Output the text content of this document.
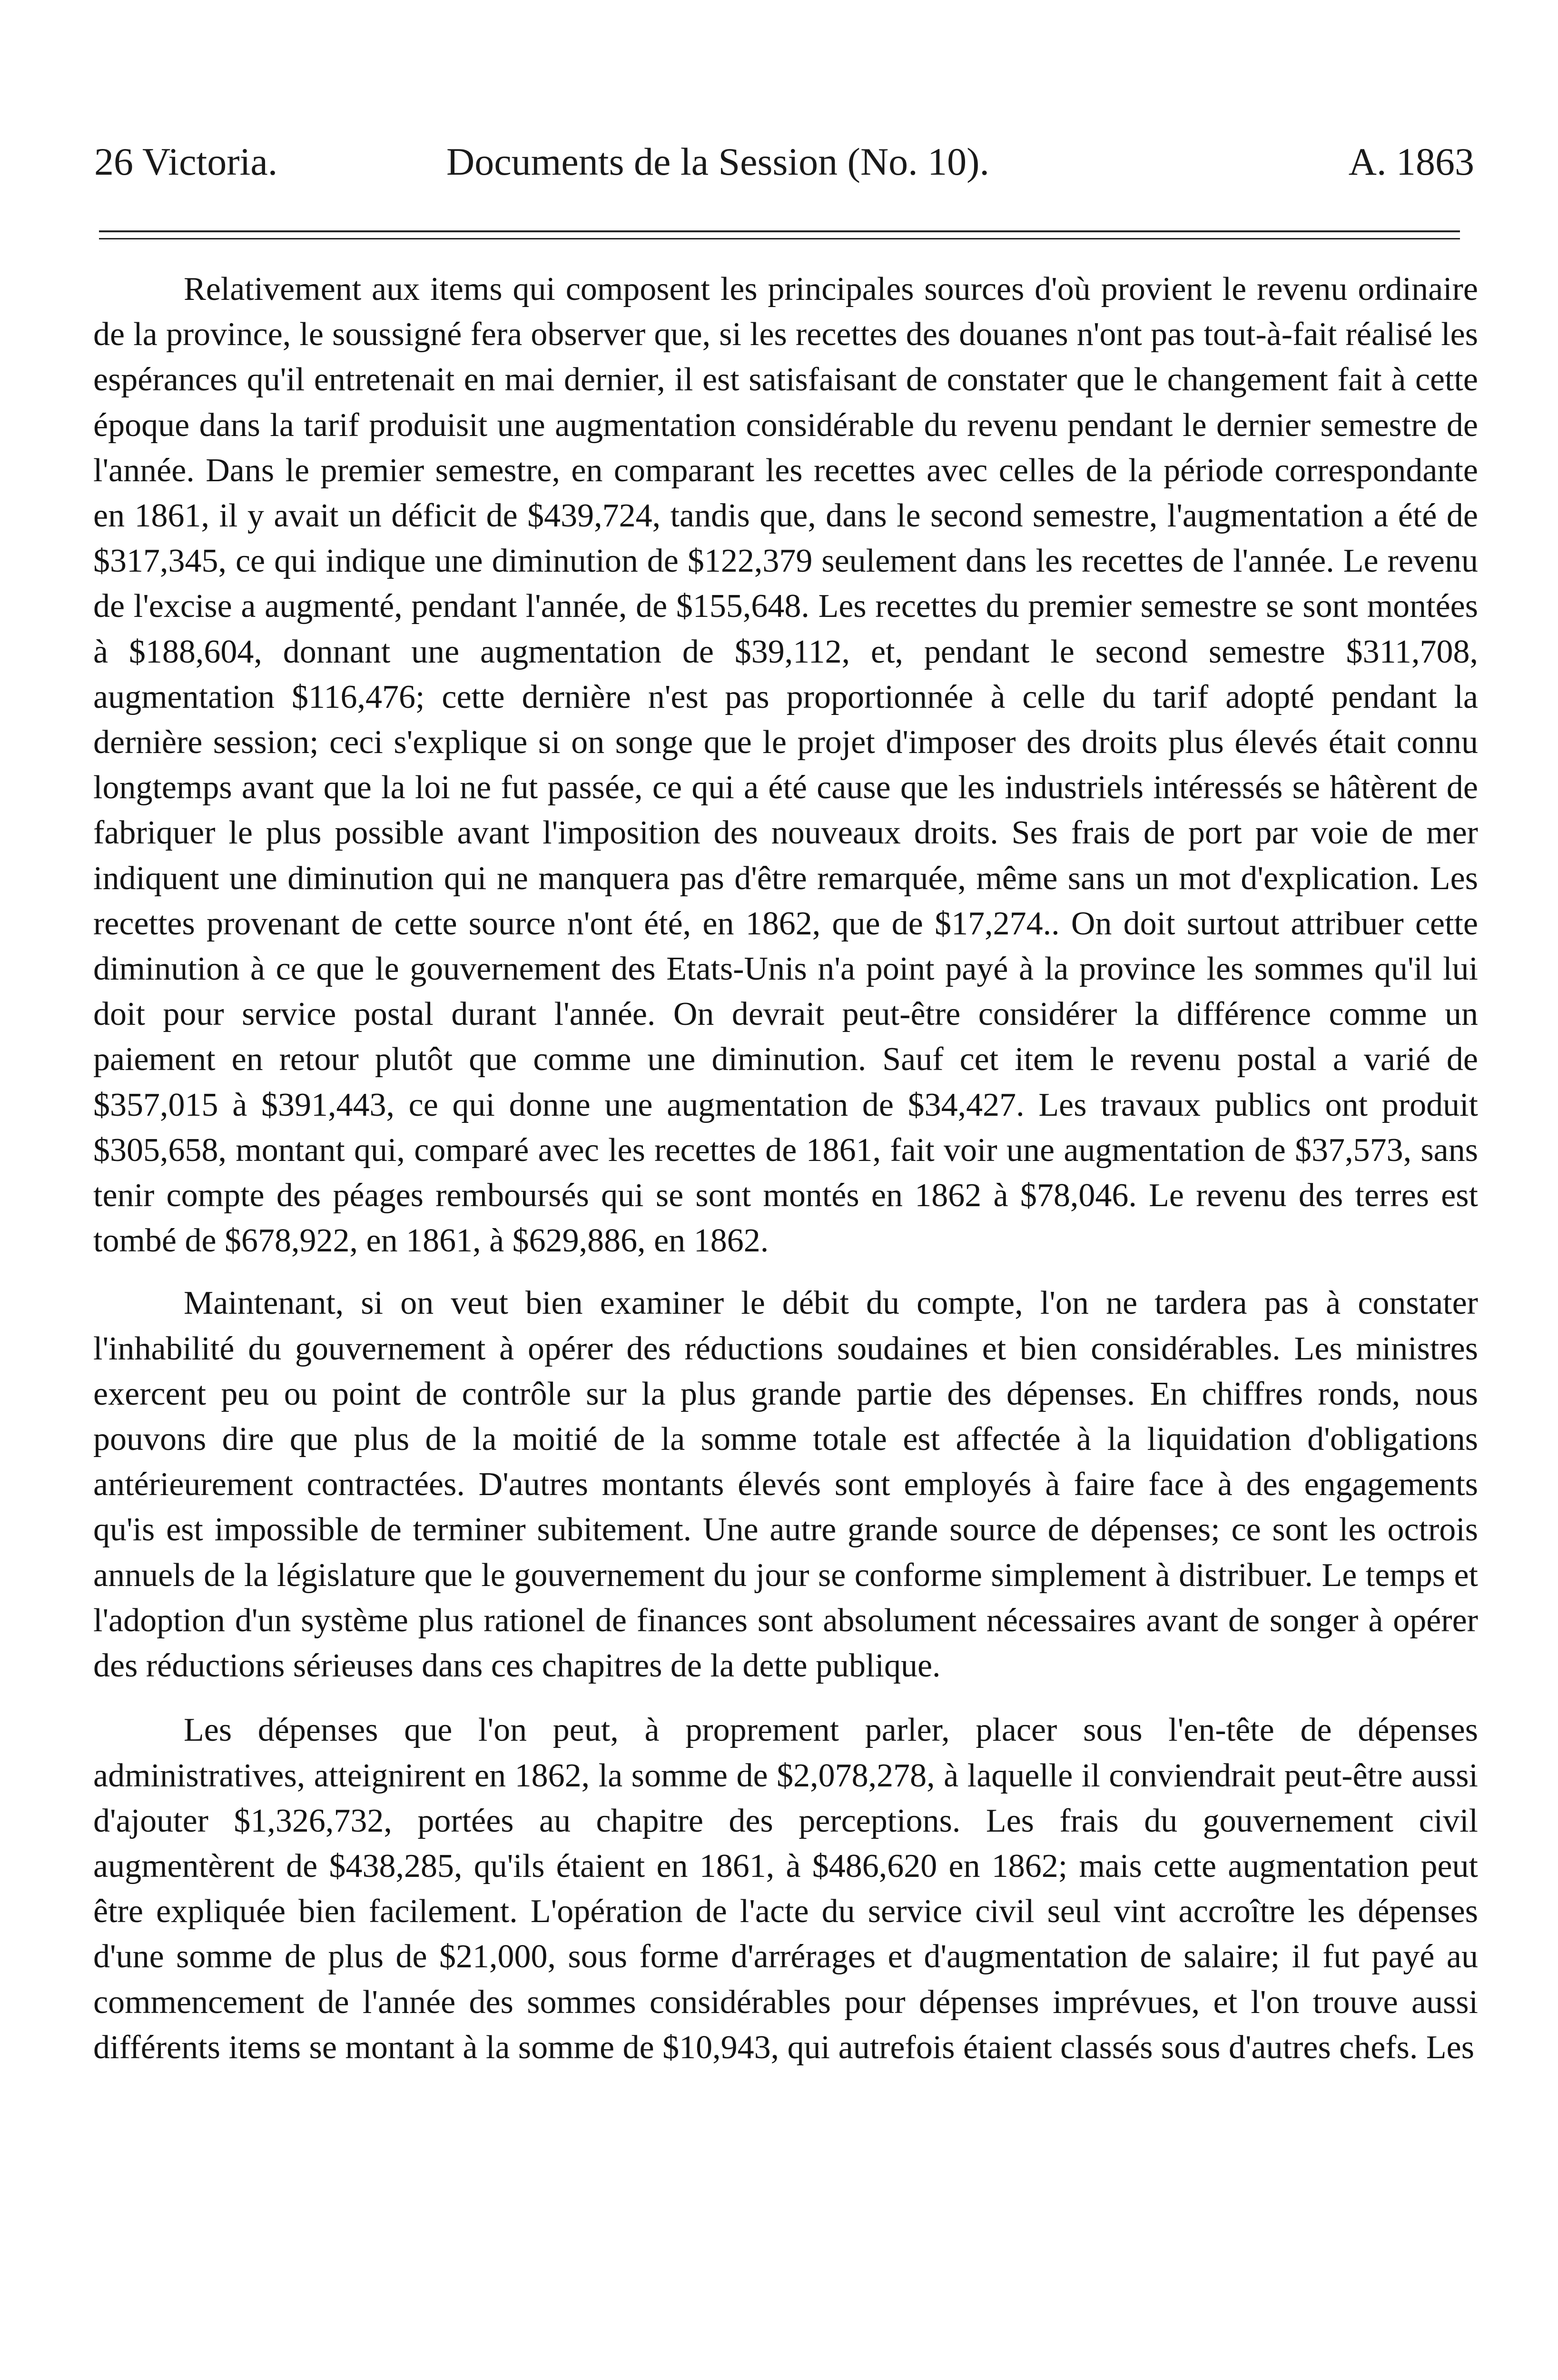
26 Victoria.	Documents de la Session (No. 10).	A. 1863

Relativement aux items qui composent les principales sources d'où provient le revenu ordinaire de la province, le soussigné fera observer que, si les recettes des douanes n'ont pas tout-à-fait réalisé les espérances qu'il entretenait en mai dernier, il est satisfaisant de constater que le changement fait à cette époque dans la tarif produisit une augmentation considérable du revenu pendant le dernier semestre de l'année. Dans le premier semestre, en comparant les recettes avec celles de la période correspondante en 1861, il y avait un déficit de $439,724, tandis que, dans le second semestre, l'augmentation a été de $317,345, ce qui indique une diminution de $122,379 seulement dans les recettes de l'année. Le revenu de l'excise a augmenté, pendant l'année, de $155,648. Les recettes du premier semestre se sont montées à $188,604, donnant une augmentation de $39,112, et, pendant le second semestre $311,708, augmentation $116,476; cette dernière n'est pas proportionnée à celle du tarif adopté pendant la dernière session; ceci s'explique si on songe que le projet d'imposer des droits plus élevés était connu longtemps avant que la loi ne fut passée, ce qui a été cause que les industriels intéressés se hâtèrent de fabriquer le plus possible avant l'imposition des nouveaux droits. Ses frais de port par voie de mer indiquent une diminution qui ne manquera pas d'être remarquée, même sans un mot d'explication. Les recettes provenant de cette source n'ont été, en 1862, que de $17,274.. On doit surtout attribuer cette diminution à ce que le gouvernement des Etats-Unis n'a point payé à la province les sommes qu'il lui doit pour service postal durant l'année. On devrait peut-être considérer la différence comme un paiement en retour plutôt que comme une diminution. Sauf cet item le revenu postal a varié de $357,015 à $391,443, ce qui donne une augmentation de $34,427. Les travaux publics ont produit $305,658, montant qui, comparé avec les recettes de 1861, fait voir une augmentation de $37,573, sans tenir compte des péages remboursés qui se sont montés en 1862 à $78,046. Le revenu des terres est tombé de $678,922, en 1861, à $629,886, en 1862.

Maintenant, si on veut bien examiner le débit du compte, l'on ne tardera pas à constater l'inhabilité du gouvernement à opérer des réductions soudaines et bien considérables. Les ministres exercent peu ou point de contrôle sur la plus grande partie des dépenses. En chiffres ronds, nous pouvons dire que plus de la moitié de la somme totale est affectée à la liquidation d'obligations antérieurement contractées. D'autres montants élevés sont employés à faire face à des engagements qu'is est impossible de terminer subitement. Une autre grande source de dépenses; ce sont les octrois annuels de la législature que le gouvernement du jour se conforme simplement à distribuer. Le temps et l'adoption d'un système plus rationel de finances sont absolument nécessaires avant de songer à opérer des réductions sérieuses dans ces chapitres de la dette publique.

Les dépenses que l'on peut, à proprement parler, placer sous l'en-tête de dépenses administratives, atteignirent en 1862, la somme de $2,078,278, à laquelle il conviendrait peut-être aussi d'ajouter $1,326,732, portées au chapitre des perceptions. Les frais du gouvernement civil augmentèrent de $438,285, qu'ils étaient en 1861, à $486,620 en 1862; mais cette augmentation peut être expliquée bien facilement. L'opération de l'acte du service civil seul vint accroître les dépenses d'une somme de plus de $21,000, sous forme d'arrérages et d'augmentation de salaire; il fut payé au commencement de l'année des sommes considérables pour dépenses imprévues, et l'on trouve aussi différents items se montant à la somme de $10,943, qui autrefois étaient classés sous d'autres chefs. Les
